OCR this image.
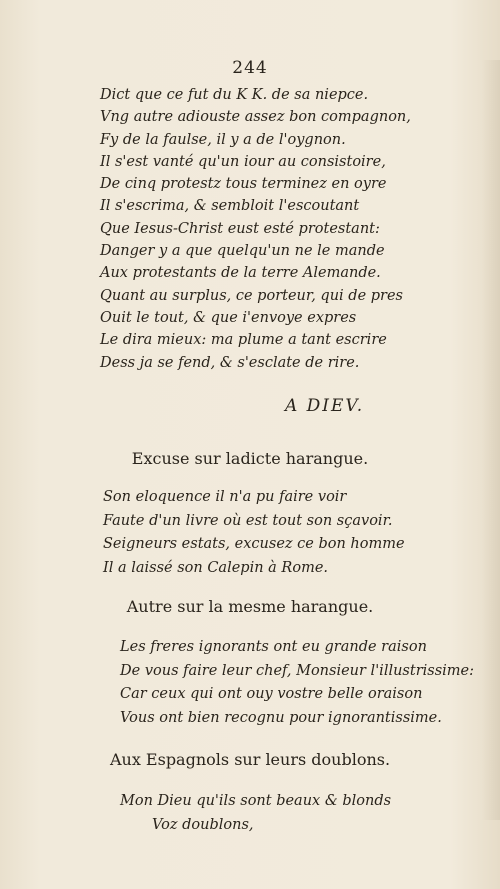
244
Dict que ce fut du K K. de sa niepce.
Vng autre adiouste assez bon compagnon,
Fy de la faulse, il y a de l'oygnon.
Il s'est vanté qu'un iour au consistoire,
De cinq protestz tous terminez en oyre
Il s'escrima, & sembloit l'escoutant
Que Iesus-Christ eust esté protestant:
Danger y a que quelqu'un ne le mande
Aux protestants de la terre Alemande.
Quant au surplus, ce porteur, qui de pres
Ouit le tout, & que i'envoye expres
Le dira mieux: ma plume a tant escrire
Dess ja se fend, & s'esclate de rire.
A DIEV.
Excuse sur ladicte harangue.
Son eloquence il n'a pu faire voir
Faute d'un livre où est tout son sçavoir.
Seigneurs estats, excusez ce bon homme
Il a laissé son Calepin à Rome.
Autre sur la mesme harangue.
Les freres ignorants ont eu grande raison
De vous faire leur chef, Monsieur l'illustrissime:
Car ceux qui ont ouy vostre belle oraison
Vous ont bien recognu pour ignorantissime.
Aux Espagnols sur leurs doublons.
Mon Dieu qu'ils sont beaux & blonds
Voz doublons,
